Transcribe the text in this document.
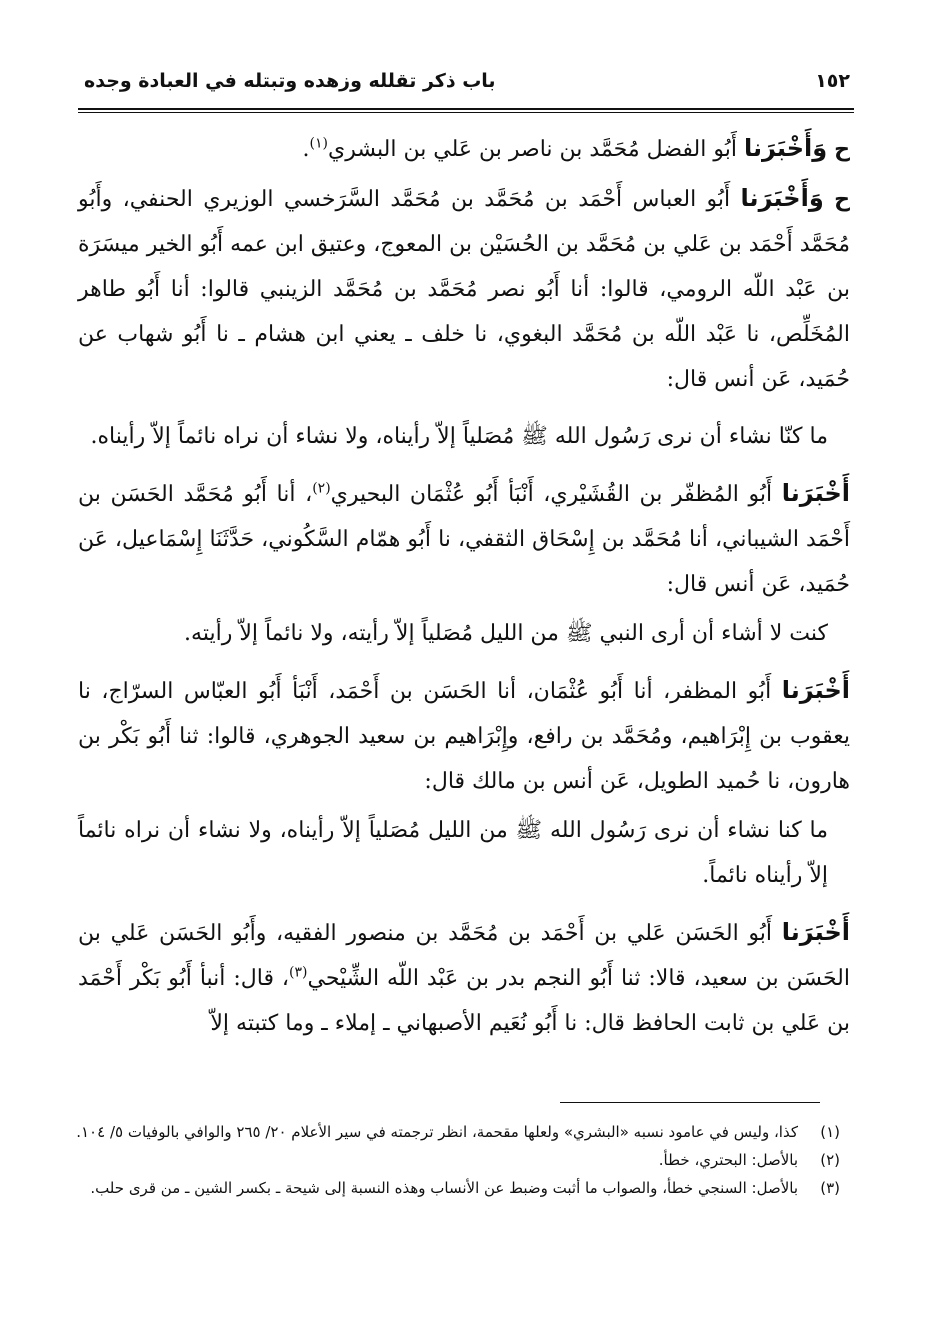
١٥٢
باب ذكر تقلله وزهده وتبتله في العبادة وجده

ح وَأَخْبَرَنا أَبُو الفضل مُحَمَّد بن ناصر بن عَلي بن البشري$^{(١)}$.

ح وَأَخْبَرَنا أَبُو العباس أَحْمَد بن مُحَمَّد بن مُحَمَّد السَّرَخسي الوزيري الحنفي، وأَبُو مُحَمَّد أَحْمَد بن عَلي بن مُحَمَّد بن الحُسَيْن بن المعوج، وعتيق ابن عمه أَبُو الخير ميسَرَة بن عَبْد اللّه الرومي، قالوا: أنا أَبُو نصر مُحَمَّد بن مُحَمَّد الزينبي قالوا: أنا أَبُو طاهر المُخَلِّص، نا عَبْد اللّه بن مُحَمَّد البغوي، نا خلف ـ يعني ابن هشام ـ نا أَبُو شهاب عن حُمَيد، عَن أنس قال:

ما كنّا نشاء أن نرى رَسُول الله ﷺ مُصَلياً إلاّ رأيناه، ولا نشاء أن نراه نائماً إلاّ رأيناه.

أَخْبَرَنا أَبُو المُظفّر بن القُشَيْري، أَنْبَأ أَبُو عُثْمَان البحيري$^{(٢)}$، أنا أَبُو مُحَمَّد الحَسَن بن أَحْمَد الشيباني، أنا مُحَمَّد بن إِسْحَاق الثقفي، نا أَبُو همّام السَّكُوني، حَدَّثَنَا إِسْمَاعيل، عَن حُمَيد، عَن أنس قال:

كنت لا أشاء أن أرى النبي ﷺ من الليل مُصَلياً إلاّ رأيته، ولا نائماً إلاّ رأيته.

أَخْبَرَنا أَبُو المظفر، أنا أَبُو عُثْمَان، أنا الحَسَن بن أَحْمَد، أَنْبَأ أَبُو العبّاس السرّاج، نا يعقوب بن إِبْرَاهيم، ومُحَمَّد بن رافع، وإِبْرَاهيم بن سعيد الجوهري، قالوا: ثنا أَبُو بَكْر بن هارون، نا حُميد الطويل، عَن أنس بن مالك قال:

ما كنا نشاء أن نرى رَسُول الله ﷺ من الليل مُصَلياً إلاّ رأيناه، ولا نشاء أن نراه نائماً إلاّ رأيناه نائماً.

أَخْبَرَنا أَبُو الحَسَن عَلي بن أَحْمَد بن مُحَمَّد بن منصور الفقيه، وأَبُو الحَسَن عَلي بن الحَسَن بن سعيد، قالا: ثنا أَبُو النجم بدر بن عَبْد اللّه الشِّيْحي$^{(٣)}$، قال: أنبأ أَبُو بَكْر أَحْمَد بن عَلي بن ثابت الحافظ قال: نا أَبُو نُعَيم الأصبهاني ـ إملاء ـ وما كتبته إلاّ

(١)
كذا، وليس في عامود نسبه «البشري» ولعلها مقحمة، انظر ترجمته في سير الأعلام ٢٠/ ٢٦٥ والوافي بالوفيات ٥/ ١٠٤.
(٢)
بالأصل: البحتري، خطأ.
(٣)
بالأصل: السنجي خطأ، والصواب ما أثبت وضبط عن الأنساب وهذه النسبة إلى شيحة ـ بكسر الشين ـ من قرى حلب.
